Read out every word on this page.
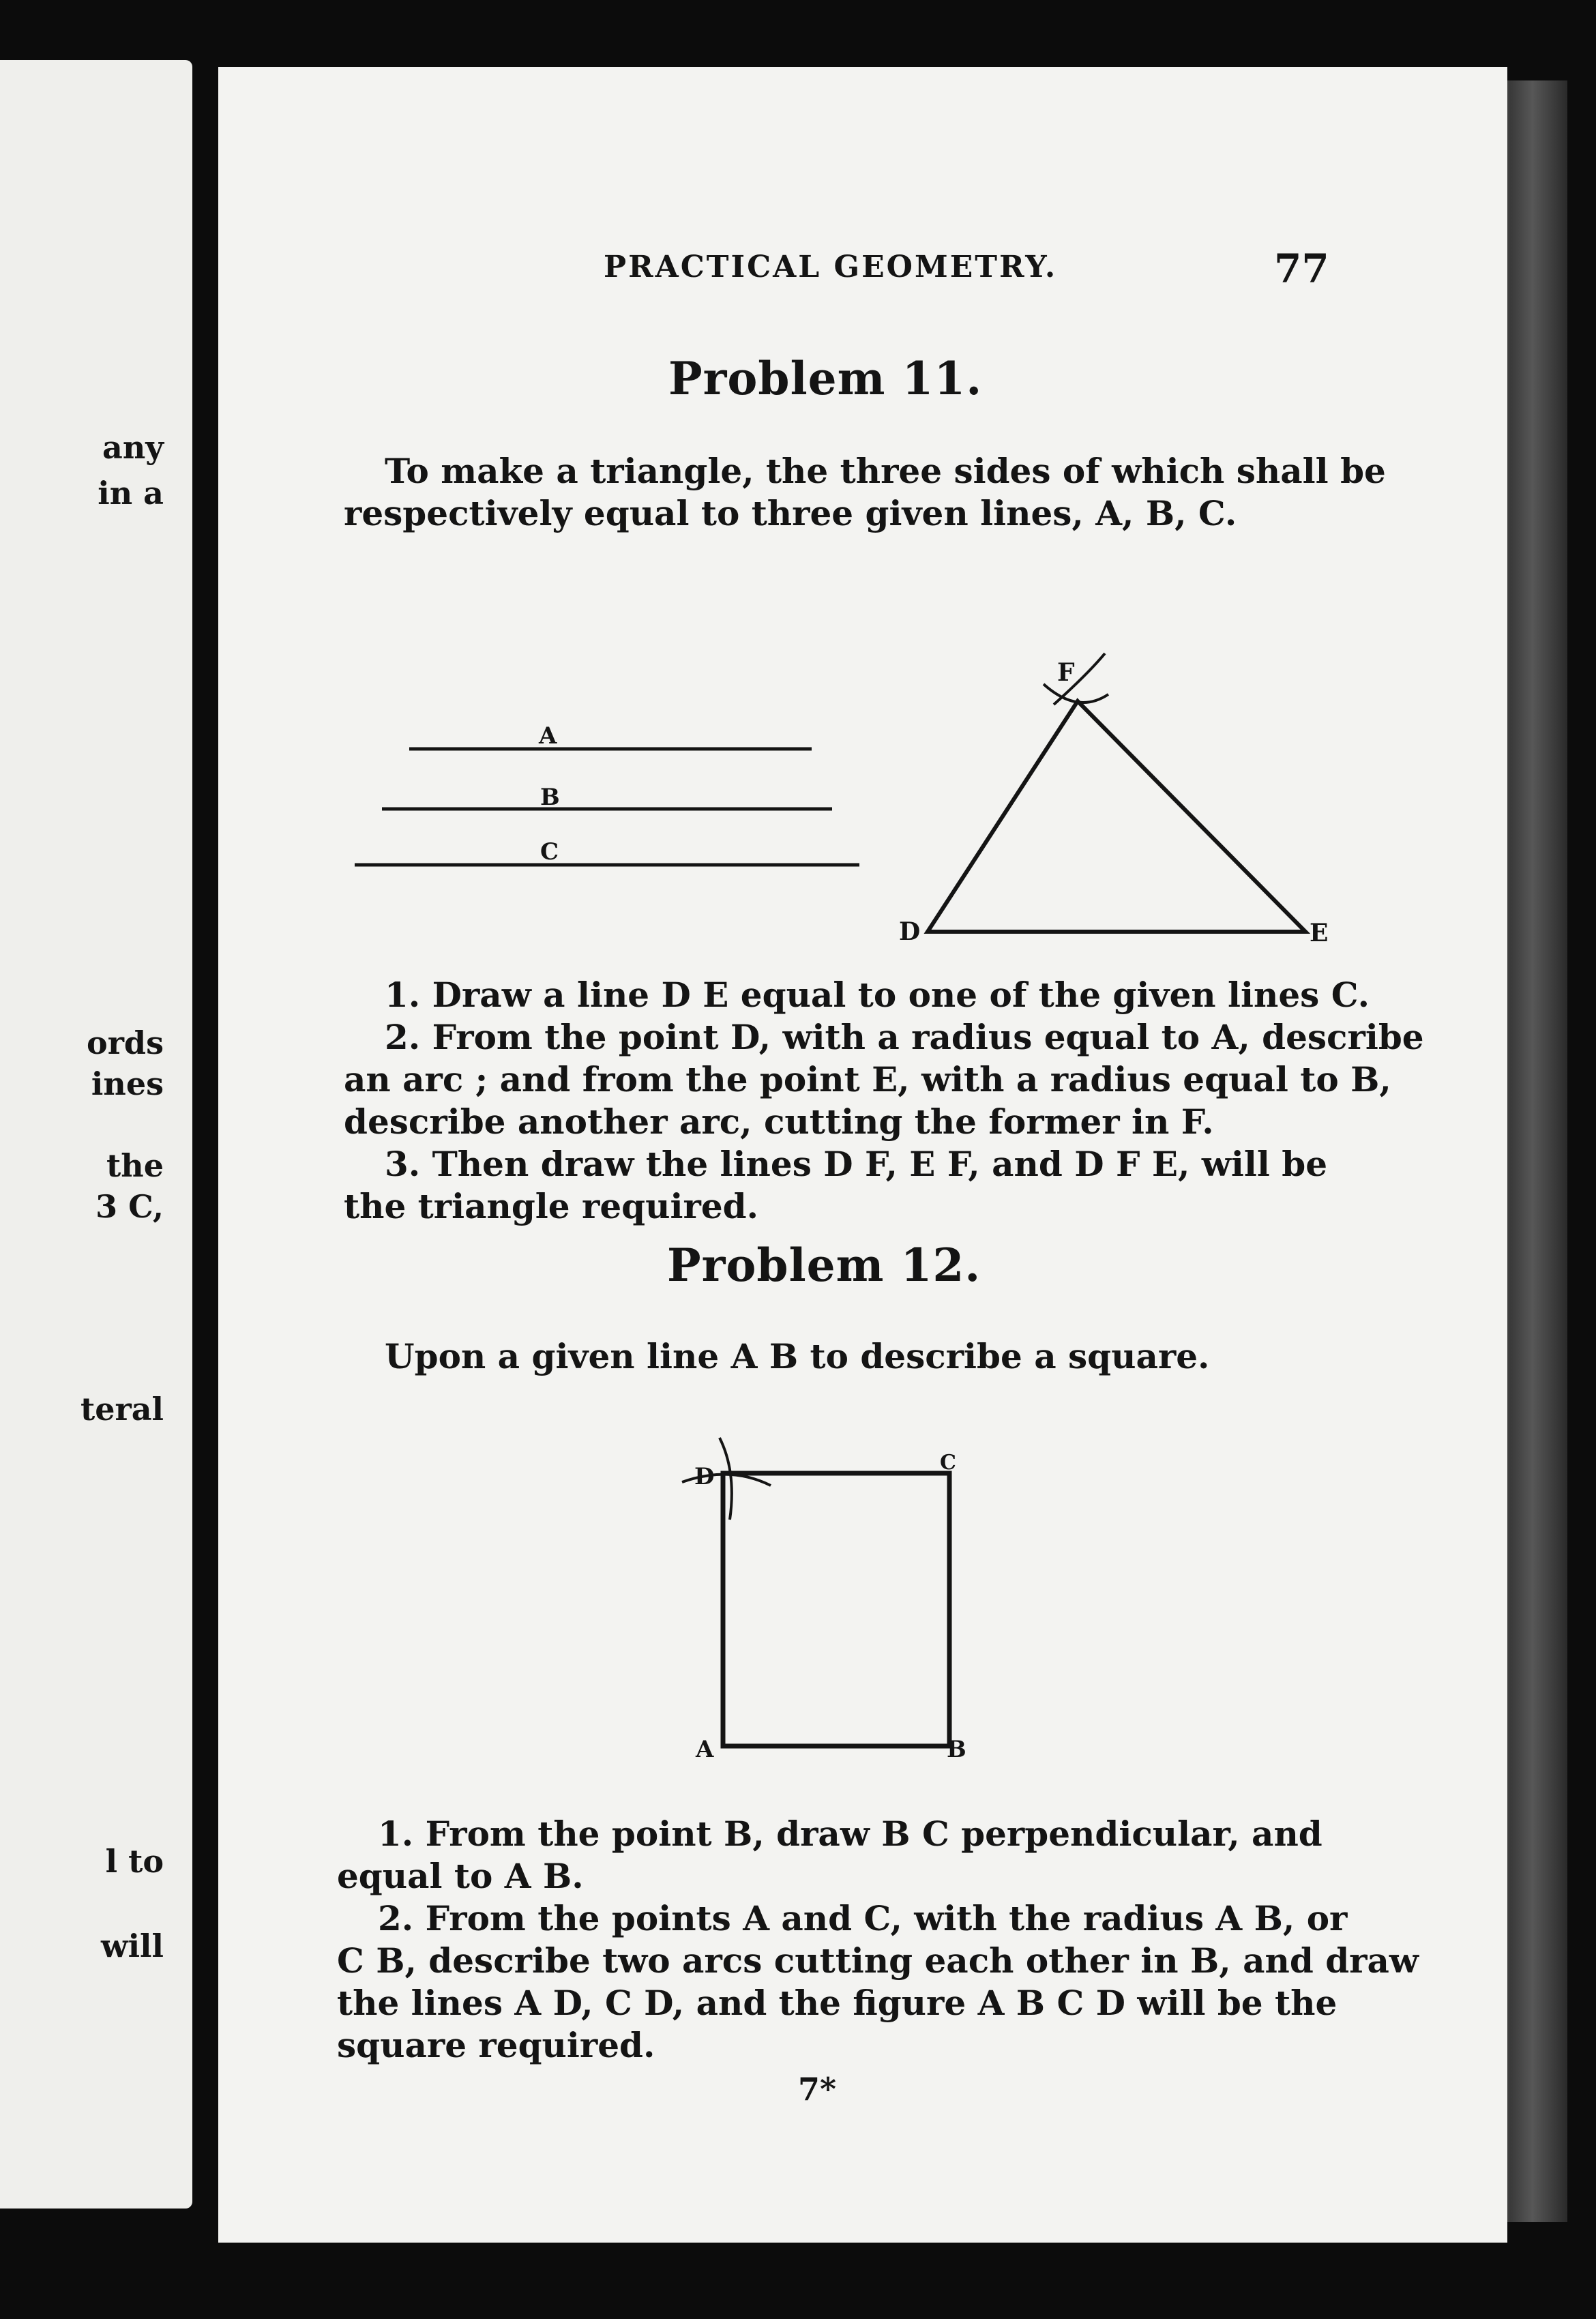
any
in a
ords
ines
the
3 C,
teral
l to
will
PRACTICAL GEOMETRY.	77
Problem 11.
To make a triangle, the three sides of which shall be
respectively equal to three given lines, A, B, C.
A
B
C
F
D	E
1. Draw a line D E equal to one of the given lines C.
2. From the point D, with a radius equal to A, describe
an arc ; and from the point E, with a radius equal to B,
describe another arc, cutting the former in F.
3. Then draw the lines D F, E F, and D F E, will be
the triangle required.
Problem 12.
Upon a given line A B to describe a square.
D
C
A	B
1. From the point B, draw B C perpendicular, and
equal to A B.
2. From the points A and C, with the radius A B, or
C B, describe two arcs cutting each other in B, and draw
the lines A D, C D, and the figure A B C D will be the
square required.
7*
